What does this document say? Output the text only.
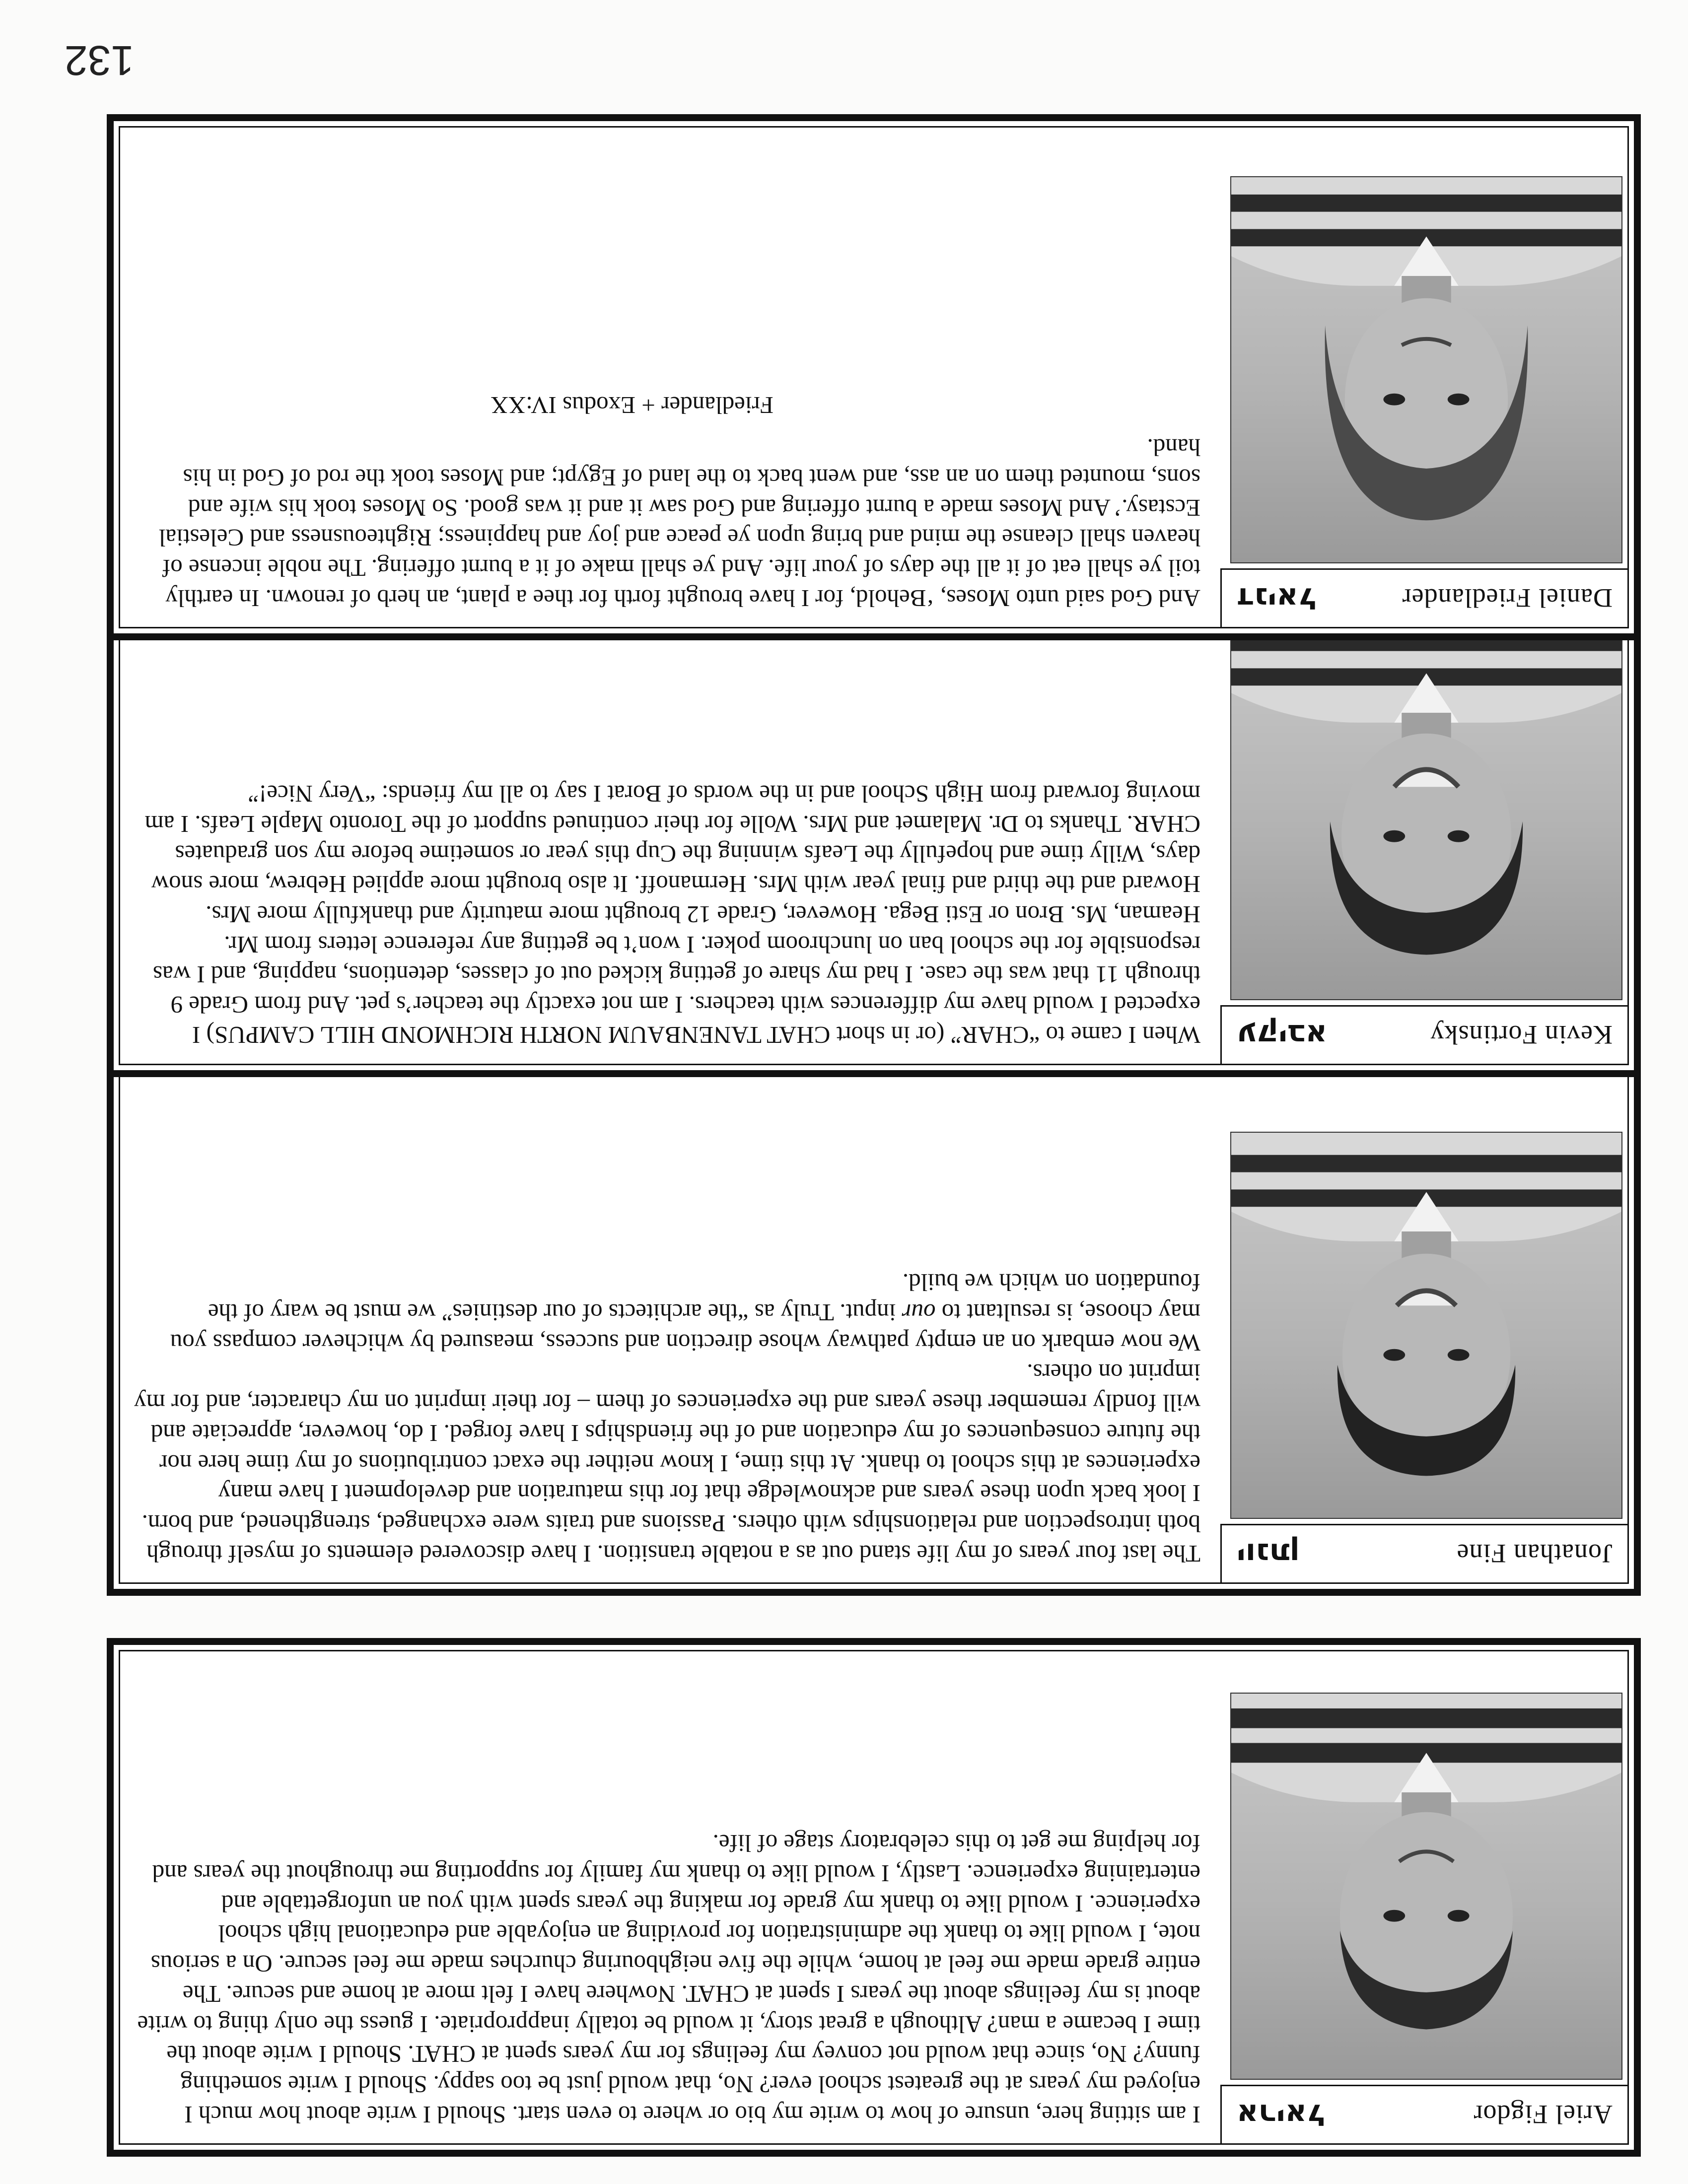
132
Ariel Figdor
אריאל

I am sitting here, unsure of how to write my bio or where to even start. Should I write about how much I enjoyed my years at the greatest school ever? No, that would just be too sappy. Should I write something funny? No, since that would not convey my feelings for my years spent at CHAT. Should I write about the time I became a man? Although a great story, it would be totally inappropriate. I guess the only thing to write about is my feelings about the years I spent at CHAT. Nowhere have I felt more at home and secure. The entire grade made me feel at home, while the five neighbouring churches made me feel secure. On a serious note, I would like to thank the administration for providing an enjoyable and educational high school experience. I would like to thank my grade for making the years spent with you an unforgettable and entertaining experience. Lastly, I would like to thank my family for supporting me throughout the years and for helping me get to this celebratory stage of life.

Jonathan Fine
יונתן

The last four years of my life stand out as a notable transition. I have discovered elements of myself through both introspection and relationships with others. Passions and traits were exchanged, strengthened, and born. I look back upon these years and acknowledge that for this maturation and development I have many experiences at this school to thank. At this time, I know neither the exact contributions of my time here nor the future consequences of my education and of the friendships I have forged. I do, however, appreciate and will fondly remember these years and the experiences of them – for their imprint on my character, and for my imprint on others.

We now embark on an empty pathway whose direction and success, measured by whichever compass you may choose, is resultant to our input. Truly as “the architects of our destinies” we must be wary of the foundation on which we build.

Kevin Fortinsky
עקיבא

When I came to “CHAR” (or in short CHAT TANENBAUM NORTH RICHMOND HILL CAMPUS) I expected I would have my differences with teachers. I am not exactly the teacher’s pet. And from Grade 9 through 11 that was the case. I had my share of getting kicked out of classes, detentions, napping, and I was responsible for the school ban on lunchroom poker. I won’t be getting any reference letters from Mr. Heaman, Ms. Bron or Esti Bega. However, Grade 12 brought more maturity and thankfully more Mrs. Howard and the third and final year with Mrs. Hermanoff. It also brought more applied Hebrew, more snow days, Willy time and hopefully the Leafs winning the Cup this year or sometime before my son graduates CHAR. Thanks to Dr. Malamet and Mrs. Wolle for their continued support of the Toronto Maple Leafs. I am moving forward from High School and in the words of Borat I say to all my friends: “Very Nice!”

Daniel Friedlander
דניאל

And God said unto Moses, ‘Behold, for I have brought forth for thee a plant, an herb of renown. In earthly toil ye shall eat of it all the days of your life. And ye shall make of it a burnt offering. The noble incense of heaven shall cleanse the mind and bring upon ye peace and joy and happiness; Righteousness and Celestial Ecstasy.’ And Moses made a burnt offering and God saw it and it was good. So Moses took his wife and sons, mounted them on an ass, and went back to the land of Egypt; and Moses took the rod of God in his hand.

Friedlander + Exodus IV:XX
